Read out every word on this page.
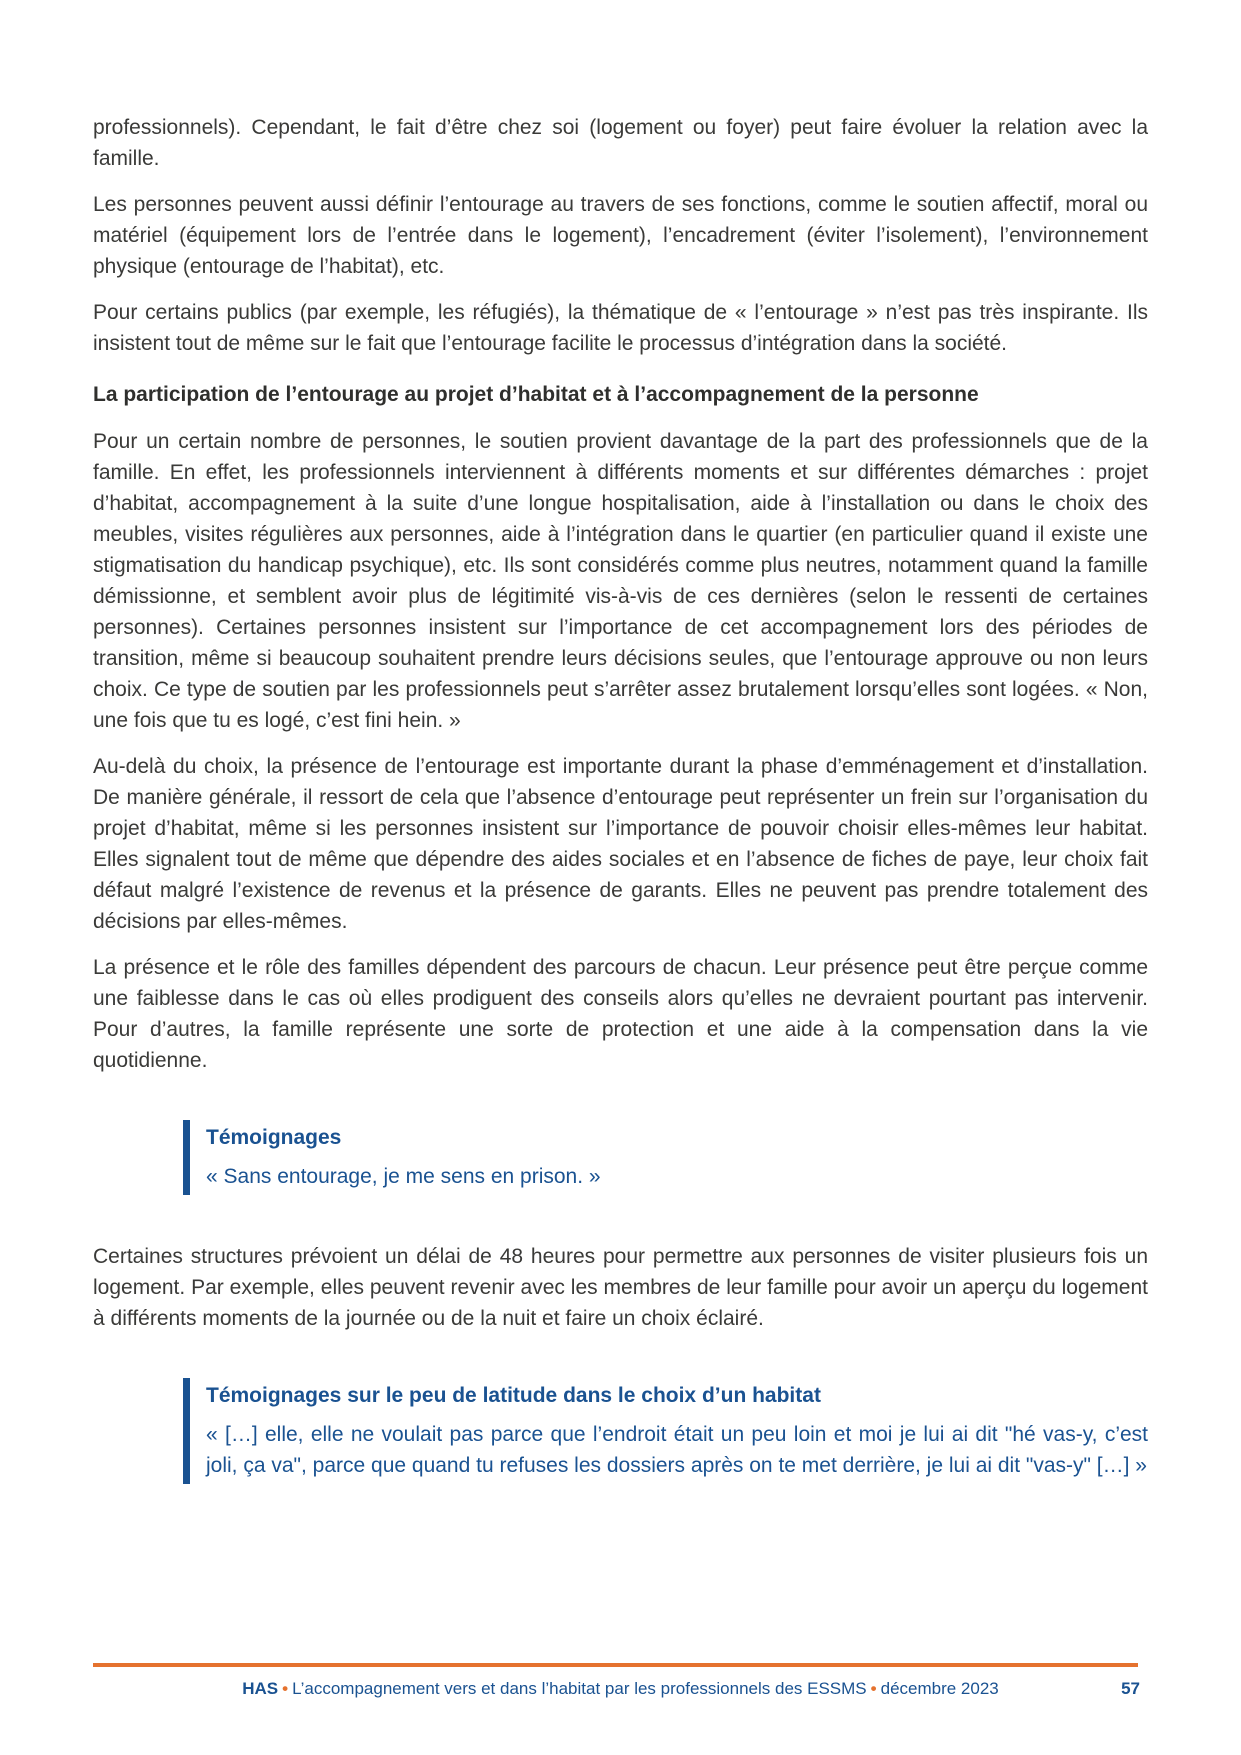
professionnels). Cependant, le fait d’être chez soi (logement ou foyer) peut faire évoluer la relation avec la famille.

Les personnes peuvent aussi définir l’entourage au travers de ses fonctions, comme le soutien affectif, moral ou matériel (équipement lors de l’entrée dans le logement), l’encadrement (éviter l’isolement), l’environnement physique (entourage de l’habitat), etc.

Pour certains publics (par exemple, les réfugiés), la thématique de « l’entourage » n’est pas très inspirante. Ils insistent tout de même sur le fait que l’entourage facilite le processus d’intégration dans la société.

La participation de l’entourage au projet d’habitat et à l’accompagnement de la personne

Pour un certain nombre de personnes, le soutien provient davantage de la part des professionnels que de la famille. En effet, les professionnels interviennent à différents moments et sur différentes démarches : projet d’habitat, accompagnement à la suite d’une longue hospitalisation, aide à l’installation ou dans le choix des meubles, visites régulières aux personnes, aide à l’intégration dans le quartier (en particulier quand il existe une stigmatisation du handicap psychique), etc. Ils sont considérés comme plus neutres, notamment quand la famille démissionne, et semblent avoir plus de légitimité vis-à-vis de ces dernières (selon le ressenti de certaines personnes). Certaines personnes insistent sur l’importance de cet accompagnement lors des périodes de transition, même si beaucoup souhaitent prendre leurs décisions seules, que l’entourage approuve ou non leurs choix. Ce type de soutien par les professionnels peut s’arrêter assez brutalement lorsqu’elles sont logées. « Non, une fois que tu es logé, c’est fini hein. »

Au-delà du choix, la présence de l’entourage est importante durant la phase d’emménagement et d’installation. De manière générale, il ressort de cela que l’absence d’entourage peut représenter un frein sur l’organisation du projet d’habitat, même si les personnes insistent sur l’importance de pouvoir choisir elles-mêmes leur habitat. Elles signalent tout de même que dépendre des aides sociales et en l’absence de fiches de paye, leur choix fait défaut malgré l’existence de revenus et la présence de garants. Elles ne peuvent pas prendre totalement des décisions par elles-mêmes.

La présence et le rôle des familles dépendent des parcours de chacun. Leur présence peut être perçue comme une faiblesse dans le cas où elles prodiguent des conseils alors qu’elles ne devraient pourtant pas intervenir. Pour d’autres, la famille représente une sorte de protection et une aide à la compensation dans la vie quotidienne.

Témoignages
« Sans entourage, je me sens en prison. »

Certaines structures prévoient un délai de 48 heures pour permettre aux personnes de visiter plusieurs fois un logement. Par exemple, elles peuvent revenir avec les membres de leur famille pour avoir un aperçu du logement à différents moments de la journée ou de la nuit et faire un choix éclairé.

Témoignages sur le peu de latitude dans le choix d’un habitat
« […] elle, elle ne voulait pas parce que l’endroit était un peu loin et moi je lui ai dit "hé vas-y, c’est joli, ça va", parce que quand tu refuses les dossiers après on te met derrière, je lui ai dit "vas-y" […] »
HAS • L’accompagnement vers et dans l’habitat par les professionnels des ESSMS • décembre 2023	57
